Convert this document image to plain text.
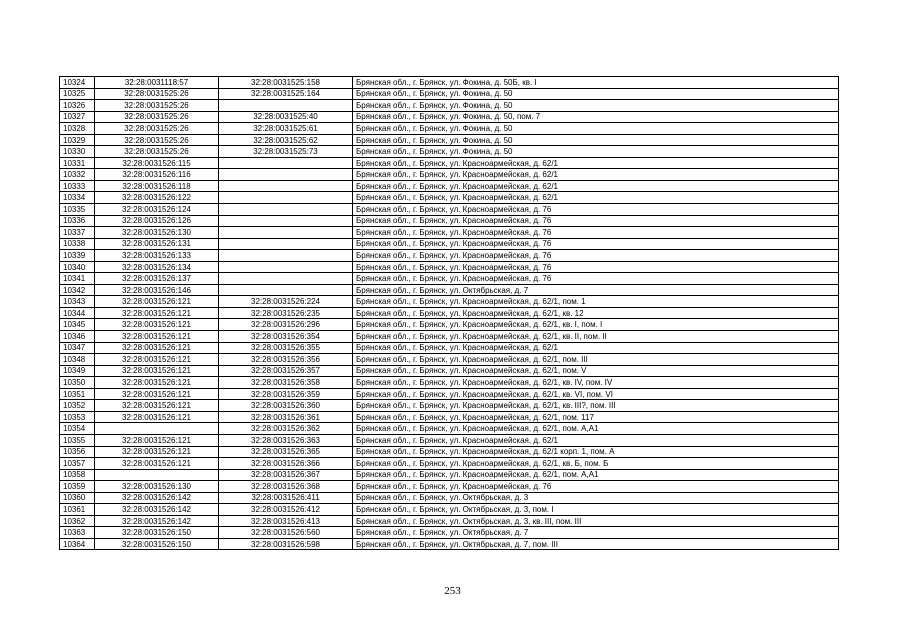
10324	32:28:0031118:57	32:28:0031525:158	Брянская обл., г. Брянск, ул. Фокина, д. 50Б, кв. I
10325	32:28:0031525:26	32:28:0031525:164	Брянская обл., г. Брянск, ул. Фокина, д. 50
10326	32:28:0031525:26		Брянская обл., г. Брянск, ул. Фокина, д. 50
10327	32:28:0031525:26	32:28:0031525:40	Брянская обл., г. Брянск, ул. Фокина, д. 50, пом. 7
10328	32:28:0031525:26	32:28:0031525:61	Брянская обл., г. Брянск, ул. Фокина, д. 50
10329	32:28:0031525:26	32:28:0031525:62	Брянская обл., г. Брянск, ул. Фокина, д. 50
10330	32:28:0031525:26	32:28:0031525:73	Брянская обл., г. Брянск, ул. Фокина, д. 50
10331	32:28:0031526:115		Брянская обл., г. Брянск, ул. Красноармейская, д. 62/1
10332	32:28:0031526:116		Брянская обл., г. Брянск, ул. Красноармейская, д. 62/1
10333	32:28:0031526:118		Брянская обл., г. Брянск, ул. Красноармейская, д. 62/1
10334	32:28:0031526:122		Брянская обл., г. Брянск, ул. Красноармейская, д. 62/1
10335	32:28:0031526:124		Брянская обл., г. Брянск, ул. Красноармейская, д. 76
10336	32:28:0031526:126		Брянская обл., г. Брянск, ул. Красноармейская, д. 76
10337	32:28:0031526:130		Брянская обл., г. Брянск, ул. Красноармейская, д. 76
10338	32:28:0031526:131		Брянская обл., г. Брянск, ул. Красноармейская, д. 76
10339	32:28:0031526:133		Брянская обл., г. Брянск, ул. Красноармейская, д. 76
10340	32:28:0031526:134		Брянская обл., г. Брянск, ул. Красноармейская, д. 76
10341	32:28:0031526:137		Брянская обл., г. Брянск, ул. Красноармейская, д. 76
10342	32:28:0031526:146		Брянская обл., г. Брянск, ул. Октябрьская, д. 7
10343	32:28:0031526:121	32:28:0031526:224	Брянская обл., г. Брянск, ул. Красноармейская, д. 62/1, пом. 1
10344	32:28:0031526:121	32:28:0031526:235	Брянская обл., г. Брянск, ул. Красноармейская, д. 62/1, кв. 12
10345	32:28:0031526:121	32:28:0031526:296	Брянская обл., г. Брянск, ул. Красноармейская, д. 62/1, кв. I, пом. I
10346	32:28:0031526:121	32:28:0031526:354	Брянская обл., г. Брянск, ул. Красноармейская, д. 62/1, кв. II, пом. II
10347	32:28:0031526:121	32:28:0031526:355	Брянская обл., г. Брянск, ул. Красноармейская, д. 62/1
10348	32:28:0031526:121	32:28:0031526:356	Брянская обл., г. Брянск, ул. Красноармейская, д. 62/1, пом. III
10349	32:28:0031526:121	32:28:0031526:357	Брянская обл., г. Брянск, ул. Красноармейская, д. 62/1, пом. V
10350	32:28:0031526:121	32:28:0031526:358	Брянская обл., г. Брянск, ул. Красноармейская, д. 62/1, кв. IV, пом. IV
10351	32:28:0031526:121	32:28:0031526:359	Брянская обл., г. Брянск, ул. Красноармейская, д. 62/1, кв. VI, пом. VI
10352	32:28:0031526:121	32:28:0031526:360	Брянская обл., г. Брянск, ул. Красноармейская, д. 62/1, кв. III?, пом. III
10353	32:28:0031526:121	32:28:0031526:361	Брянская обл., г. Брянск, ул. Красноармейская, д. 62/1, пом. 117
10354		32:28:0031526:362	Брянская обл., г. Брянск, ул. Красноармейская, д. 62/1, пом. А,А1
10355	32:28:0031526:121	32:28:0031526:363	Брянская обл., г. Брянск, ул. Красноармейская, д. 62/1
10356	32:28:0031526:121	32:28:0031526:365	Брянская обл., г. Брянск, ул. Красноармейская, д. 62/1 корп. 1, пом. А
10357	32:28:0031526:121	32:28:0031526:366	Брянская обл., г. Брянск, ул. Красноармейская, д. 62/1, кв. Б, пом. Б
10358		32:28:0031526:367	Брянская обл., г. Брянск, ул. Красноармейская, д. 62/1, пом. А,А1
10359	32:28:0031526:130	32:28:0031526:368	Брянская обл., г. Брянск, ул. Красноармейская, д. 76
10360	32:28:0031526:142	32:28:0031526:411	Брянская обл., г. Брянск, ул. Октябрьская, д. 3
10361	32:28:0031526:142	32:28:0031526:412	Брянская обл., г. Брянск, ул. Октябрьская, д. 3, пом. I
10362	32:28:0031526:142	32:28:0031526:413	Брянская обл., г. Брянск, ул. Октябрьская, д. 3, кв. III, пом. III
10363	32:28:0031526:150	32:28:0031526:560	Брянская обл., г. Брянск, ул. Октябрьская, д. 7
10364	32:28:0031526:150	32:28:0031526:598	Брянская обл., г. Брянск, ул. Октябрьская, д. 7, пом. III
253
